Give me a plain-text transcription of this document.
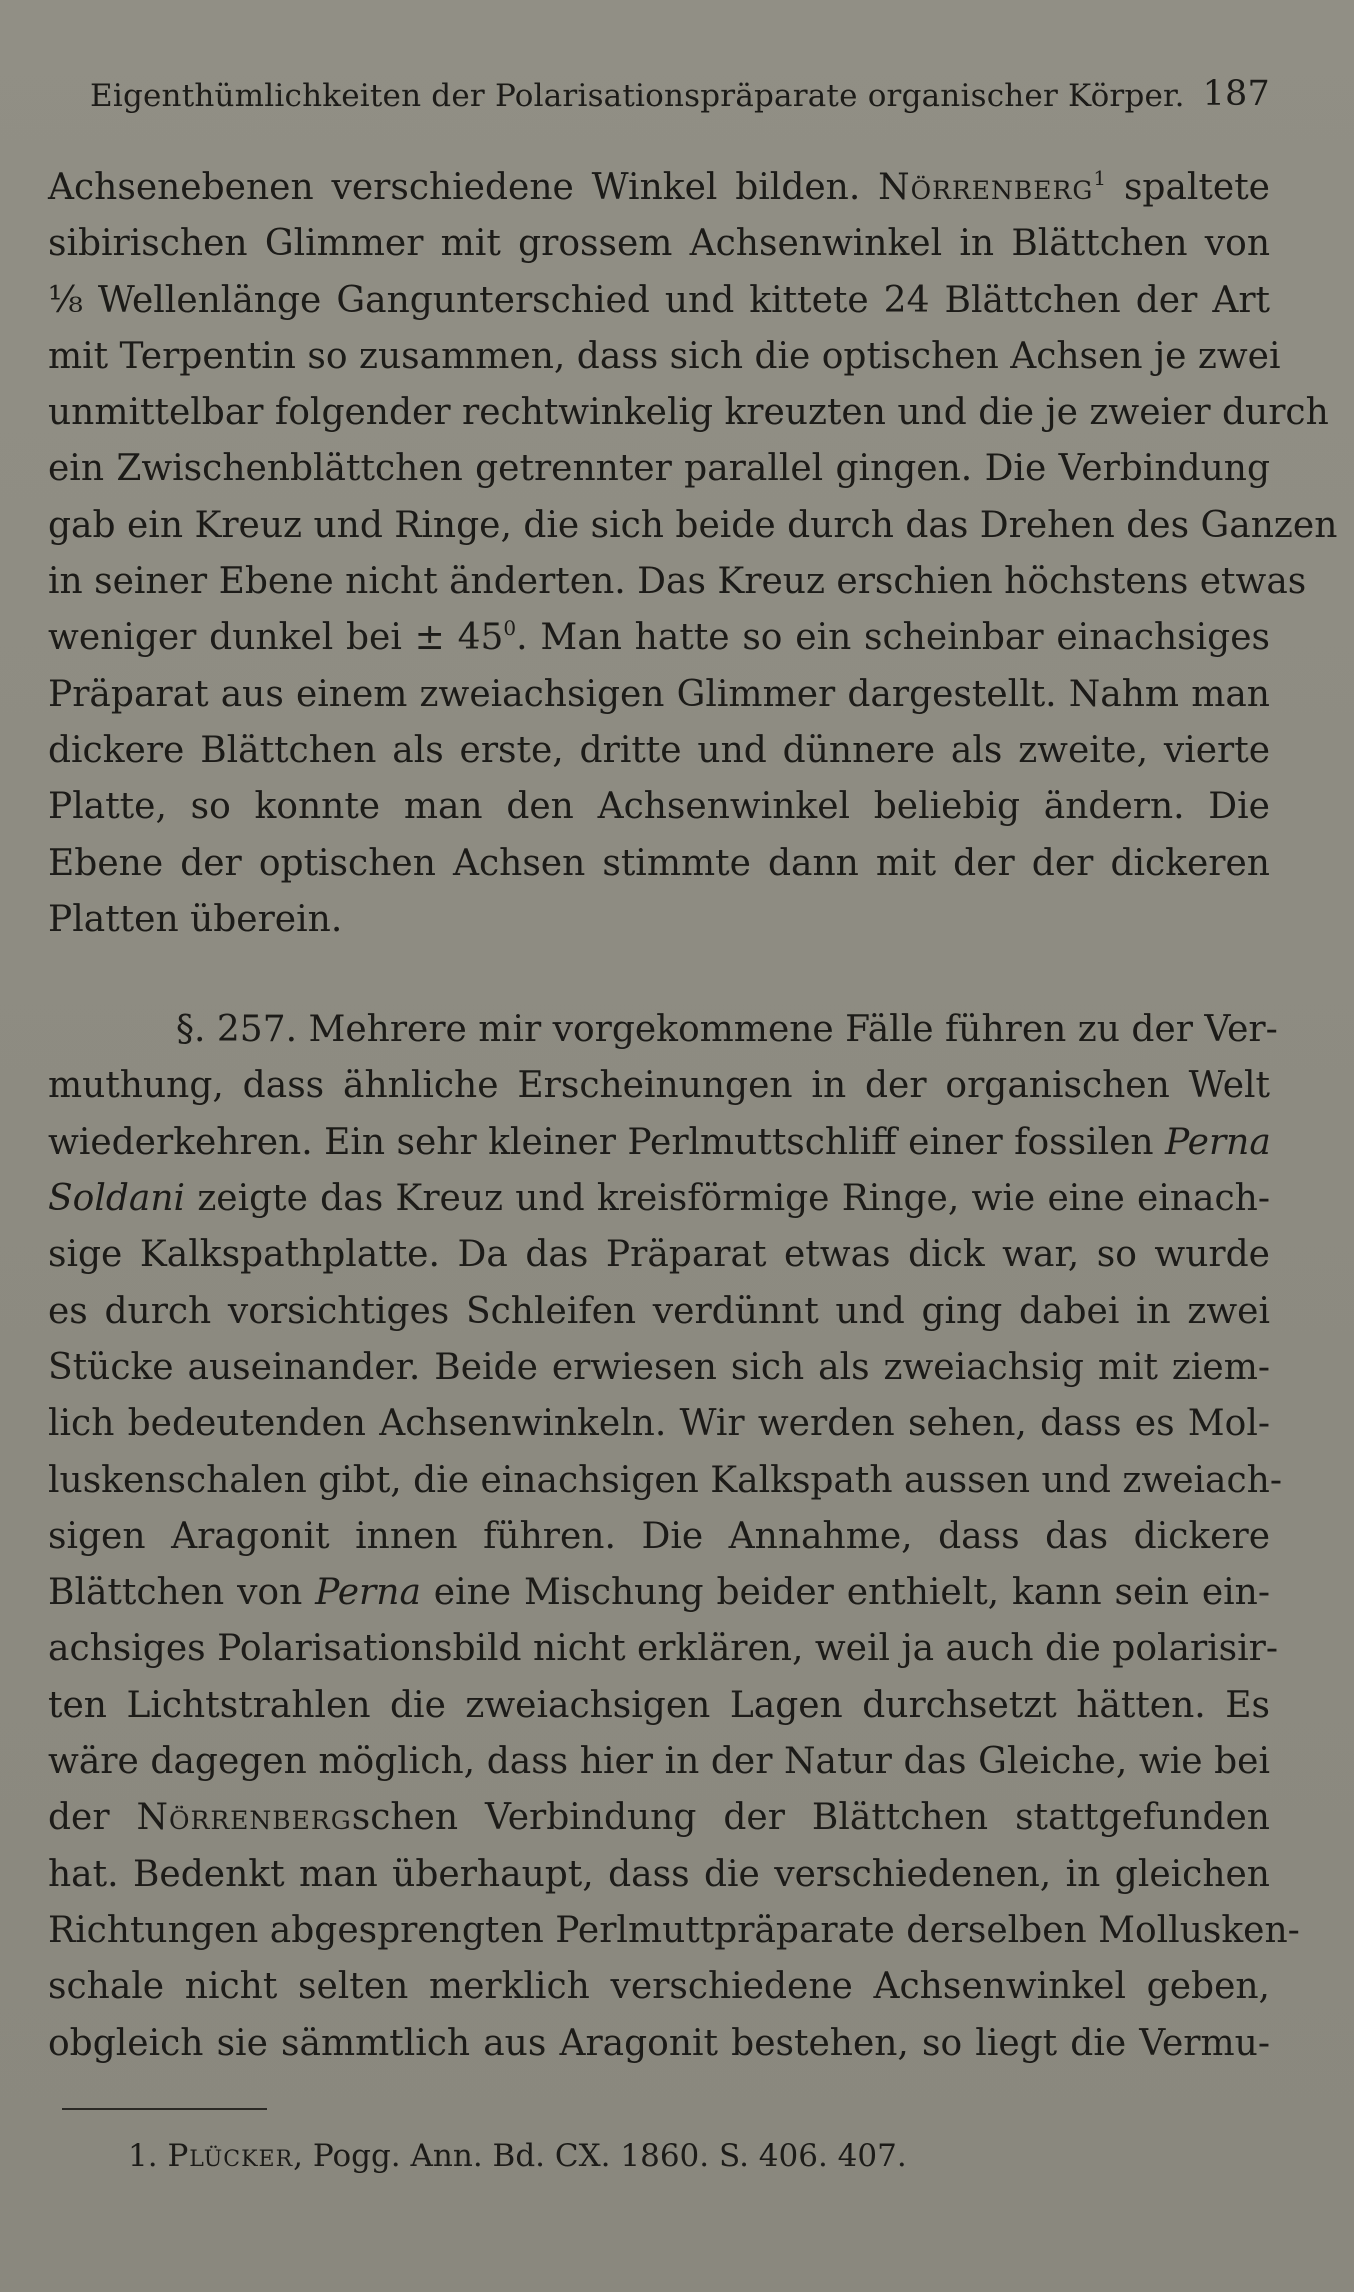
Eigenthümlichkeiten der Polarisationspräparate organischer Körper. 187
Achsenebenen verschiedene Winkel bilden. Nörrenberg$^1$ spaltete
sibirischen Glimmer mit grossem Achsenwinkel in Blättchen von
⅛ Wellenlänge Gangunterschied und kittete 24 Blättchen der Art
mit Terpentin so zusammen, dass sich die optischen Achsen je zwei
unmittelbar folgender rechtwinkelig kreuzten und die je zweier durch
ein Zwischenblättchen getrennter parallel gingen. Die Verbindung
gab ein Kreuz und Ringe, die sich beide durch das Drehen des Ganzen
in seiner Ebene nicht änderten. Das Kreuz erschien höchstens etwas
weniger dunkel bei ± $45^0$. Man hatte so ein scheinbar einachsiges
Präparat aus einem zweiachsigen Glimmer dargestellt. Nahm man
dickere Blättchen als erste, dritte und dünnere als zweite, vierte
Platte, so konnte man den Achsenwinkel beliebig ändern. Die
Ebene der optischen Achsen stimmte dann mit der der dickeren
Platten überein.
§. 257. Mehrere mir vorgekommene Fälle führen zu der Ver-
muthung, dass ähnliche Erscheinungen in der organischen Welt
wiederkehren. Ein sehr kleiner Perlmuttschliff einer fossilen Perna
Soldani zeigte das Kreuz und kreisförmige Ringe, wie eine einach-
sige Kalkspathplatte. Da das Präparat etwas dick war, so wurde
es durch vorsichtiges Schleifen verdünnt und ging dabei in zwei
Stücke auseinander. Beide erwiesen sich als zweiachsig mit ziem-
lich bedeutenden Achsenwinkeln. Wir werden sehen, dass es Mol-
luskenschalen gibt, die einachsigen Kalkspath aussen und zweiach-
sigen Aragonit innen führen. Die Annahme, dass das dickere
Blättchen von Perna eine Mischung beider enthielt, kann sein ein-
achsiges Polarisationsbild nicht erklären, weil ja auch die polarisir-
ten Lichtstrahlen die zweiachsigen Lagen durchsetzt hätten. Es
wäre dagegen möglich, dass hier in der Natur das Gleiche, wie bei
der Nörrenbergschen Verbindung der Blättchen stattgefunden
hat. Bedenkt man überhaupt, dass die verschiedenen, in gleichen
Richtungen abgesprengten Perlmuttpräparate derselben Mollusken-
schale nicht selten merklich verschiedene Achsenwinkel geben,
obgleich sie sämmtlich aus Aragonit bestehen, so liegt die Vermu-
1. Plücker, Pogg. Ann. Bd. CX. 1860. S. 406. 407.
